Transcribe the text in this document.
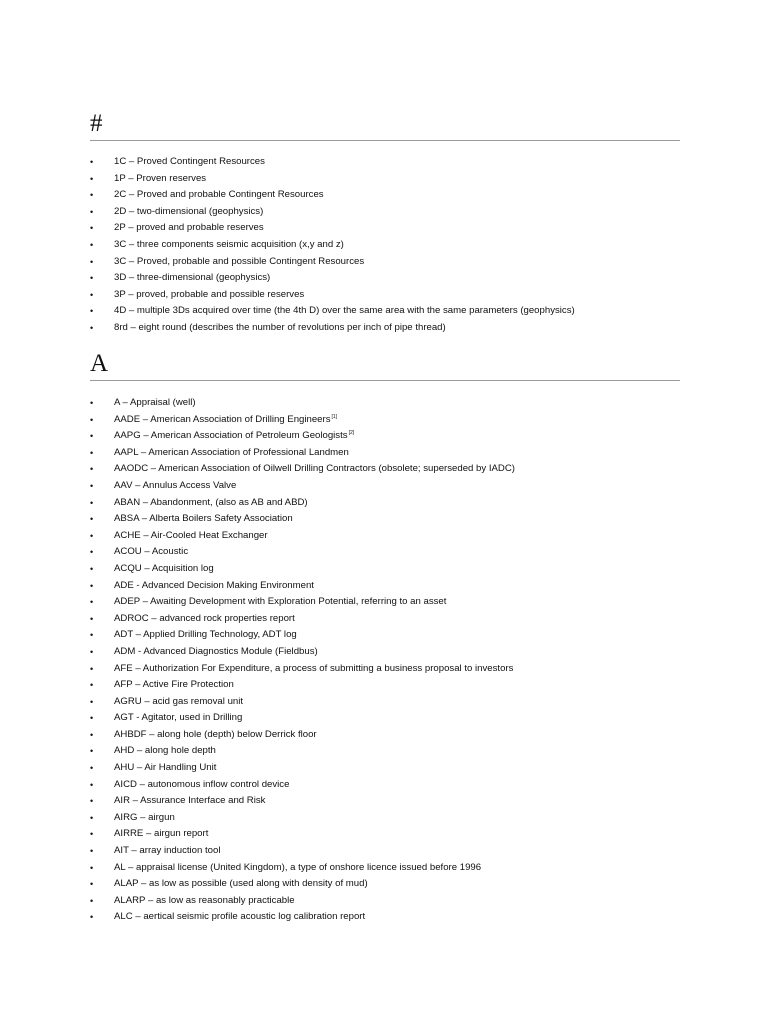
#
• 1C – Proved Contingent Resources
• 1P – Proven reserves
• 2C – Proved and probable Contingent Resources
• 2D – two-dimensional (geophysics)
• 2P – proved and probable reserves
• 3C – three components seismic acquisition (x,y and z)
• 3C – Proved, probable and possible Contingent Resources
• 3D – three-dimensional (geophysics)
• 3P – proved, probable and possible reserves
• 4D – multiple 3Ds acquired over time (the 4th D) over the same area with the same parameters (geophysics)
• 8rd – eight round (describes the number of revolutions per inch of pipe thread)
A
• A – Appraisal (well)
• AADE – American Association of Drilling Engineers[1]
• AAPG – American Association of Petroleum Geologists[2]
• AAPL – American Association of Professional Landmen
• AAODC – American Association of Oilwell Drilling Contractors (obsolete; superseded by IADC)
• AAV – Annulus Access Valve
• ABAN – Abandonment, (also as AB and ABD)
• ABSA – Alberta Boilers Safety Association
• ACHE – Air-Cooled Heat Exchanger
• ACOU – Acoustic
• ACQU – Acquisition log
• ADE - Advanced Decision Making Environment
• ADEP – Awaiting Development with Exploration Potential, referring to an asset
• ADROC – advanced rock properties report
• ADT – Applied Drilling Technology, ADT log
• ADM - Advanced Diagnostics Module (Fieldbus)
• AFE – Authorization For Expenditure, a process of submitting a business proposal to investors
• AFP – Active Fire Protection
• AGRU – acid gas removal unit
• AGT - Agitator, used in Drilling
• AHBDF – along hole (depth) below Derrick floor
• AHD – along hole depth
• AHU – Air Handling Unit
• AICD – autonomous inflow control device
• AIR – Assurance Interface and Risk
• AIRG – airgun
• AIRRE – airgun report
• AIT – array induction tool
• AL – appraisal license (United Kingdom), a type of onshore licence issued before 1996
• ALAP – as low as possible (used along with density of mud)
• ALARP – as low as reasonably practicable
• ALC – aertical seismic profile acoustic log calibration report
